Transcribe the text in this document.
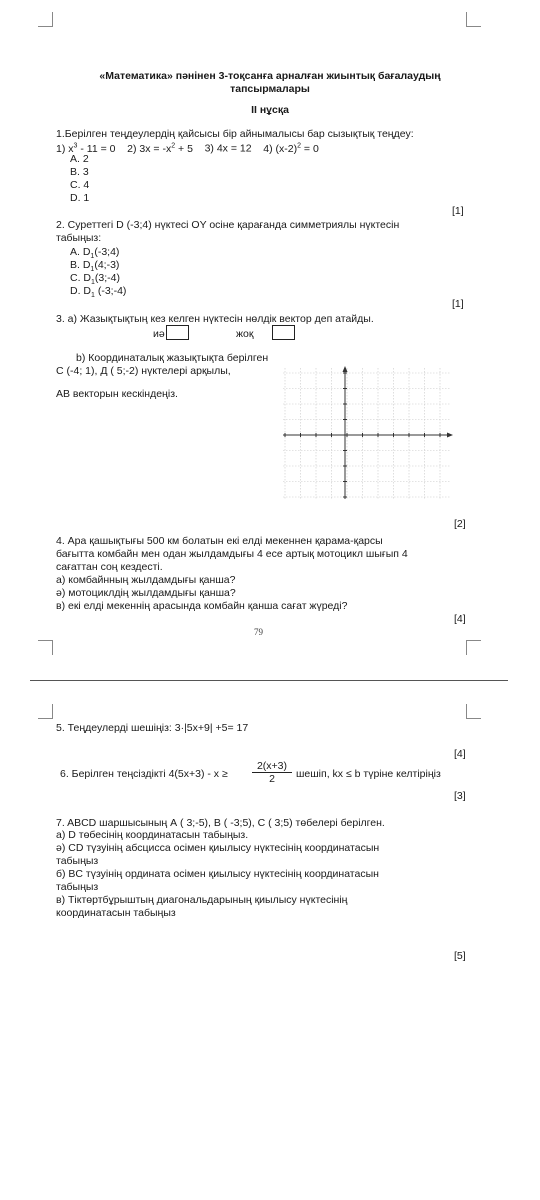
«Математика» пәнінен 3-тоқсанға арналған жиынтық бағалаудың
тапсырмалары
II нұсқа
1.Берілген теңдеулердің қайсысы бір айнымалысы бар сызықтық теңдеу:
1) $x^3 - 11 = 0$ 2) $3x = -x^2 + 5$ 3) 4x = 12 4) $(x-2)^2 = 0$
A. 2
B. 3
C. 4
D. 1
[1]
2. Суреттегі D (-3;4) нүктесі OY осіне қарағанда симметриялы нүктесін
табыңыз:
A. $D_1(-3;4)$
B. $D_1(4;-3)$
C. $D_1(3;-4)$
D. $D_1$ (-3;-4)
[1]
3. a) Жазықтықтың кез келген нүктесін нөлдік вектор деп атайды.
иә	жоқ
b) Координаталық жазықтықта берілген
С (-4; 1), Д ( 5;-2) нүктелері арқылы,
АВ векторын кескіндеңіз.
[2]
4. Ара қашықтығы 500 км болатын екі елді мекеннен қарама-қарсы
бағытта комбайн мен одан жылдамдығы 4 есе артық мотоцикл шығып 4
сағаттан соң кездесті.
а) комбайнның жылдамдығы қанша?
ә) мотоциклдің жылдамдығы қанша?
в) екі елді мекеннің арасында комбайн қанша сағат жүреді?
[4]
79
5. Теңдеулерді шешіңіз: 3·|5x+9| +5= 17
[4]
6. Берілген теңсіздікті $4(5x+3) - x \ge \frac{2(x+3)}{2}$ шешіп, kx ≤ b түріне келтіріңіз
[3]
7. ABCD шаршысының А ( 3;-5), В ( -3;5), С ( 3;5) төбелері берілген.
а) D төбесінің координатасын табыңыз.
ә) CD түзуінің абсцисса осімен қиылысу нүктесінің координатасын
табыңыз
б) BC түзуінің ордината осімен қиылысу нүктесінің координатасын
табыңыз
в) Тіктөртбұрыштың диагональдарының қиылысу нүктесінің
координатасын табыңыз
[5]
